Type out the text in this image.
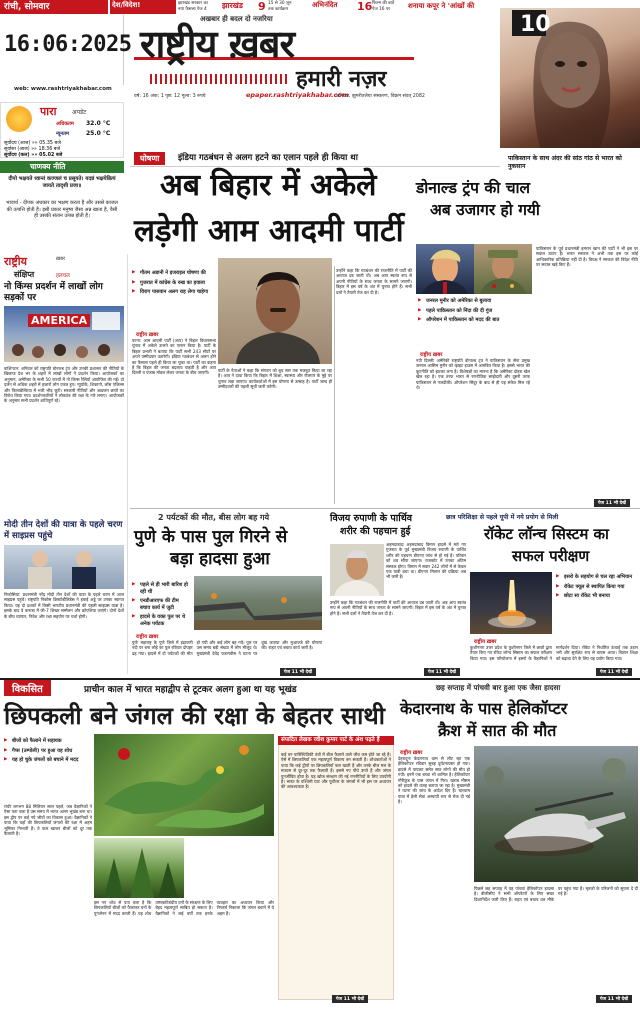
रांची, सोमवार	देश/विदेश!	झारखंड सरकार का
नया फैसला पेज 4 झारखंड 9 15 से 30 जून
तक कार्यक्रम
अभिनंदित 16 फिल्म की बातें
पेज 16 पर	शनाया कपूर ने 'आंखों की
16:06:2025
web: www.rashtriyakhabar.com
अखबार ही बदल दो नजरिया
राष्ट्रीय ख़बर
हमारी नज़र
वर्ष: 16 अंक: 1 पृष्ठ: 12 मूल्य: 3 रुपये	epaper.rashtriyakhabar.com
शनिवार, झुमरीतलैया संस्करण, विक्रम संवत् 2082
10
पारा	अपडेट
अधिकतम 32.0 °C
न्यूनतम	25.0 °C
सूर्योदय (आज) »» 05.35 बजे
सूर्यास्त (आज) »» 18.36 बजे
सूर्योदय (कल) »» 05.02 बजे
चाणक्य नीति
दीपो भक्षयते ध्वान्तं कज्जलं च प्रसूयते। यदन्नं भक्षयेन्नित्यं जायते तादृशी प्रजा॥
भावार्थ - दीपक अंधकार का भक्षण करता है और उससे काजल की उत्पत्ति होती है। इसी प्रकार मनुष्य जैसा अन्न खाता है, वैसी ही उसकी संतान उत्पन्न होती है।
घोषणा	इंडिया गठबंधन से अलग हटने का एलान पहले ही किया था
अब बिहार में अकेले
लड़ेगी आम आदमी पार्टी
राष्ट्रीय	ख़बर
संक्षिप्त	हलचल
नो किंग्स प्रदर्शन में लाखों लोग सड़कों पर
AMERICA
वाशिंगटन: शनिवार को राष्ट्रपति डोनाल्ड ट्रंप और उनकी प्रशासन की नीतियों के खिलाफ देश भर के शहरों में लाखों लोगों ने प्रदर्शन किया। आयोजकों का अनुमान, अमेरिका के सभी 50 राज्यों में नो किंग्स रैलियाँ आयोजित की गईं। दो दर्जन से अधिक शहरों में हजारों लोग एकत्र हुए। न्यूयॉर्क, शिकागो, लॉस एंजिल्स और फिलाडेल्फिया में भारी भीड़ जुटी। सरकारी नीतियों और आव्रजन छापों का विरोध किया गया। प्रदर्शनकारियों ने लोकतंत्र की रक्षा के नारे लगाए। आयोजकों के अनुसार सभी प्रदर्शन शांतिपूर्ण रहे।
मोदी तीन देशों की यात्रा के पहले चरण में साइप्रस पहुंचे
निकोसिया: प्रधानमंत्री नरेंद्र मोदी तीन देशों की यात्रा के पहले चरण में आज साइप्रस पहुंचे। राष्ट्रपति निकोस क्रिस्टोडौलिडेस ने हवाई अड्डे पर उनका स्वागत किया। यह दो दशकों में किसी भारतीय प्रधानमंत्री की पहली साइप्रस यात्रा है। इसके बाद वे कनाडा में जी-7 शिखर सम्मेलन और क्रोएशिया जाएंगे। दोनों देशों के बीच व्यापार, निवेश और रक्षा सहयोग पर चर्चा होगी।
▶ गौतम अडानी ने इजराइल घोषणा की
▶ गुजरात में कांग्रेस के रुख का हवाला
▶ विराग पासवान अलग राह लेगा चाहेगा
राष्ट्रीय ख़बर
पटना: आम आदमी पार्टी (आप) ने बिहार विधानसभा चुनाव में अकेले उतरने का एलान किया है। पार्टी के बिहार प्रभारी ने बताया कि पार्टी सभी 243 सीटों पर अपने उम्मीदवार उतारेगी। इंडिया गठबंधन से अलग होने का फैसला पहले ही किया जा चुका था। पार्टी का कहना है कि बिहार की जनता बदलाव चाहती है और आप दिल्ली व पंजाब मॉडल लेकर जनता के बीच जाएगी।	पार्टी के नेताओं ने कहा कि संगठन को बूथ स्तर तक मजबूत किया जा रहा है। आप ने दावा किया कि बिहार में शिक्षा, स्वास्थ्य और रोजगार के मुद्दे पर चुनाव लड़ा जाएगा। कार्यकर्ताओं में इस घोषणा से उत्साह है। पार्टी जल्द ही उम्मीदवारों की पहली सूची जारी करेगी।
उन्होंने कहा कि गठबंधन की राजनीति में पार्टी की आवाज दब जाती थी। अब आप स्वतंत्र रूप से अपनी नीतियों के साथ जनता के सामने जाएगी। बिहार में इस वर्ष के अंत में चुनाव होने हैं। सभी दलों ने तैयारी तेज कर दी है।
▶ जनरल मुनीर को अमेरिका से बुलावा
▶ पहले पाकिस्तान को निंदा की दी गुंज
▶ ऑपरेशन में पाकिस्तान को मदद की बात
राष्ट्रीय ख़बर
नयी दिल्लीः अमेरिकी राष्ट्रपति डोनाल्ड ट्रंप ने पाकिस्तान के सेना प्रमुख जनरल आसिम मुनीर को व्हाइट हाउस में आमंत्रित किया है। इससे भारत की कूटनीति को झटका लगा है। विशेषज्ञों का मानना है कि अमेरिका दोहरा खेल खेल रहा है। एक तरफ भारत से रणनीतिक साझेदारी और दूसरी तरफ पाकिस्तान से नजदीकी। ऑपरेशन सिंदूर के बाद से ही यह संकेत मिल रहे थे।
पाकिस्तान के साथ अंदर की सांठ गांठ से भारत को नुकसान
डोनाल्ड ट्रंप की चाल
अब उजागर हो गयी
पाकिस्तान के पूर्व प्रधानमंत्री इमरान खान की पार्टी ने भी इस पर सवाल उठाए हैं। भारत सरकार ने अभी तक इस पर कोई आधिकारिक प्रतिक्रिया नहीं दी है। विपक्ष ने सरकार की विदेश नीति पर सवाल खड़े किए हैं।
पेज 11 भी देखें
2 पर्यटकों की मौत, बीस लोग बह गये
पुणे के पास पुल गिरने से
बड़ा हादसा हुआ
▶ पहले से ही भारी बारिश हो रही थी
▶ एनडीआरएफ की टीम बचाव कार्य में जुटी
▶ हादसे के वक्त पुल पर थे अनेक पर्यटक
राष्ट्रीय ख़बर
पुणेः महाराष्ट्र के पुणे जिले में इंद्रायणी नदी पर बना लोहे का पुल रविवार दोपहर ढह गया। हादसे में दो पर्यटकों की मौत हो गयी और कई लोग बह गये। पुल पर उस समय बड़ी संख्या में लोग मौजूद थे। मुख्यमंत्री देवेंद्र फडणवीस ने घटना पर दुख जताया और मुआवजे की घोषणा की। राहत एवं बचाव कार्य जारी है।
पेज 11 भी देखें
विजय रुपाणी के पार्थिव
शरीर की पहचान हुई
अहमदाबादः अहमदाबाद विमान हादसे में मारे गए गुजरात के पूर्व मुख्यमंत्री विजय रुपाणी के पार्थिव शरीर की पहचान डीएनए जांच से हो गई है। परिवार को शव सौंपा जाएगा। राजकोट में उनका अंतिम संस्कार होगा। विमान में सवार 242 लोगों में से केवल एक यात्री बचा था। डीएनए मिलान की प्रक्रिया अब भी जारी है।
उन्होंने कहा कि गठबंधन की राजनीति में पार्टी की आवाज दब जाती थी। अब आप स्वतंत्र रूप से अपनी नीतियों के साथ जनता के सामने जाएगी। बिहार में इस वर्ष के अंत में चुनाव होने हैं। सभी दलों ने तैयारी तेज कर दी है।
पेज 11 भी देखें
छात्र परिशिक्षा से पहले यूपी में नये प्रयोग से मिली
रॉकेट लॉन्च सिस्टम का
सफल परीक्षण
▶ इसरो के सहयोग से चल रहा अभियान
▶ रॉकेट फ्यूल से स्थापित किया गया
▶ छोटा सा रॉकेट भी बनाया
राष्ट्रीय ख़बर
कुशीनगरः उत्तर प्रदेश के कुशीनगर जिले में छात्रों द्वारा तैयार किए गए रॉकेट लॉन्च सिस्टम का सफल परीक्षण किया गया। इस परियोजना में इसरो के वैज्ञानिकों ने मार्गदर्शन दिया। रॉकेट ने निर्धारित ऊंचाई तक उड़ान भरी और सुरक्षित रूप से वापस आया। विज्ञान शिक्षा को बढ़ावा देने के लिए यह प्रयोग किया गया।
पेज 11 भी देखें
विकसित	प्राचीन काल में भारत महाद्वीप से टूटकर अलग हुआ था यह भूखंड	छह सप्ताह में पांचवी बार हुआ एक जैसा हादसा
छिपकली बने जंगल की रक्षा के बेहतर साथी केदारनाथ के पास हेलिकॉप्टर
क्रैश में सात की मौत
▶ बीजों को फैलाने में सहायक
▶ गैप्स (उम्पोली) पर हुआ यह शोध
▶ यह हो चुके जंगलों को बचाने में मदद
रांचीः लगभग 88 मिलियन साल पहले, जब वैज्ञानिकों ने ऐसा पता चला है उस समय में भारत अलग भूखंड बना था। इस द्वीप पर कई नये जीवों का विकास हुआ। वैज्ञानिकों ने पाया कि यहाँ की छिपकलियाँ जंगलों की रक्षा में अहम भूमिका निभाती हैं। वे फल खाकर बीजों को दूर तक फैलाती हैं।
इस नए शोध से पता चला है कि छिपकलियाँ बीजों को फैलाकर वनों के पुनर्जनन में मदद करती हैं। यह शोध उष्णकटिबंधीय वनों के संरक्षण के लिए बेहद महत्वपूर्ण साबित हो सकता है। वैज्ञानिकों ने कई वर्षों तक इनके व्यवहार का अध्ययन किया और निष्कर्ष निकाला कि जंगल बचाने में ये अहम हैं।
संपादित लेखक रवीश कुमार पार्ट के अंश पढ़ते हैं
कई वन पारिस्थितिकी तंत्रों में बीज फैलाने वाले जीव कम होते जा रहे हैं। ऐसे में छिपकलियाँ एक महत्वपूर्ण विकल्प बन सकती हैं। शोधकर्ताओं ने पाया कि कई द्वीपों पर छिपकलियाँ फल खाती हैं और उनके बीज मल के माध्यम से दूर-दूर तक फैलाती हैं। इससे नए पौधे उगते हैं और जंगल पुनर्जीवित होता है। यह खोज संरक्षण की नई रणनीतियों के लिए उपयोगी है। भारत के पश्चिमी घाट और पूर्वोत्तर के जंगलों में भी इस पर अध्ययन की आवश्यकता है।
राष्ट्रीय ख़बर
देहरादूनः केदारनाथ धाम से लौट रहा एक हेलिकॉप्टर रविवार सुबह दुर्घटनाग्रस्त हो गया। हादसे में पायलट समेत सात लोगों की मौत हो गयी। इनमें एक बच्चा भी शामिल है। हेलिकॉप्टर गौरीकुंड के पास जंगल में गिरा। खराब मौसम को हादसे की वजह बताया जा रहा है। मुख्यमंत्री ने घटना की जांच के आदेश दिए हैं। चारधाम यात्रा में हेली सेवा अस्थायी रूप से रोक दी गई है।
पिछले छह सप्ताह में यह पांचवां हेलिकॉप्टर हादसा है। डीजीसीए ने सभी ऑपरेटरों के लिए सख्त दिशानिर्देश जारी किए हैं। राहत एवं बचाव दल मौके पर पहुंच गया है। मृतकों के परिजनों को सूचना दे दी गई है।
पेज 11 भी देखें	पेज 11 भी देखें
